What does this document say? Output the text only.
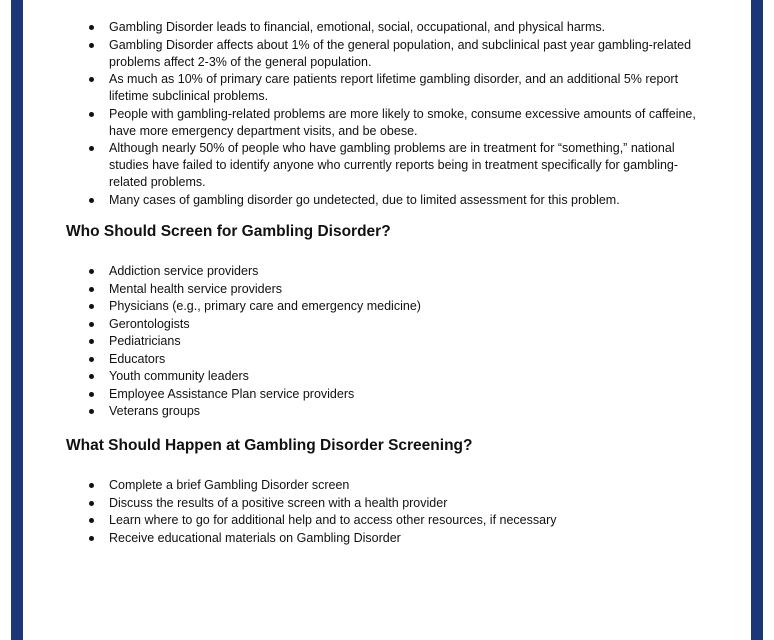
Gambling Disorder leads to financial, emotional, social, occupational, and physical harms.
Gambling Disorder affects about 1% of the general population, and subclinical past year gambling-related problems affect 2-3% of the general population.
As much as 10% of primary care patients report lifetime gambling disorder, and an additional 5% report lifetime subclinical problems.
People with gambling-related problems are more likely to smoke, consume excessive amounts of caffeine, have more emergency department visits, and be obese.
Although nearly 50% of people who have gambling problems are in treatment for “something,” national studies have failed to identify anyone who currently reports being in treatment specifically for gambling-related problems.
Many cases of gambling disorder go undetected, due to limited assessment for this problem.
Who Should Screen for Gambling Disorder?
Addiction service providers
Mental health service providers
Physicians (e.g., primary care and emergency medicine)
Gerontologists
Pediatricians
Educators
Youth community leaders
Employee Assistance Plan service providers
Veterans groups
What Should Happen at Gambling Disorder Screening?
Complete a brief Gambling Disorder screen
Discuss the results of a positive screen with a health provider
Learn where to go for additional help and to access other resources, if necessary
Receive educational materials on Gambling Disorder
